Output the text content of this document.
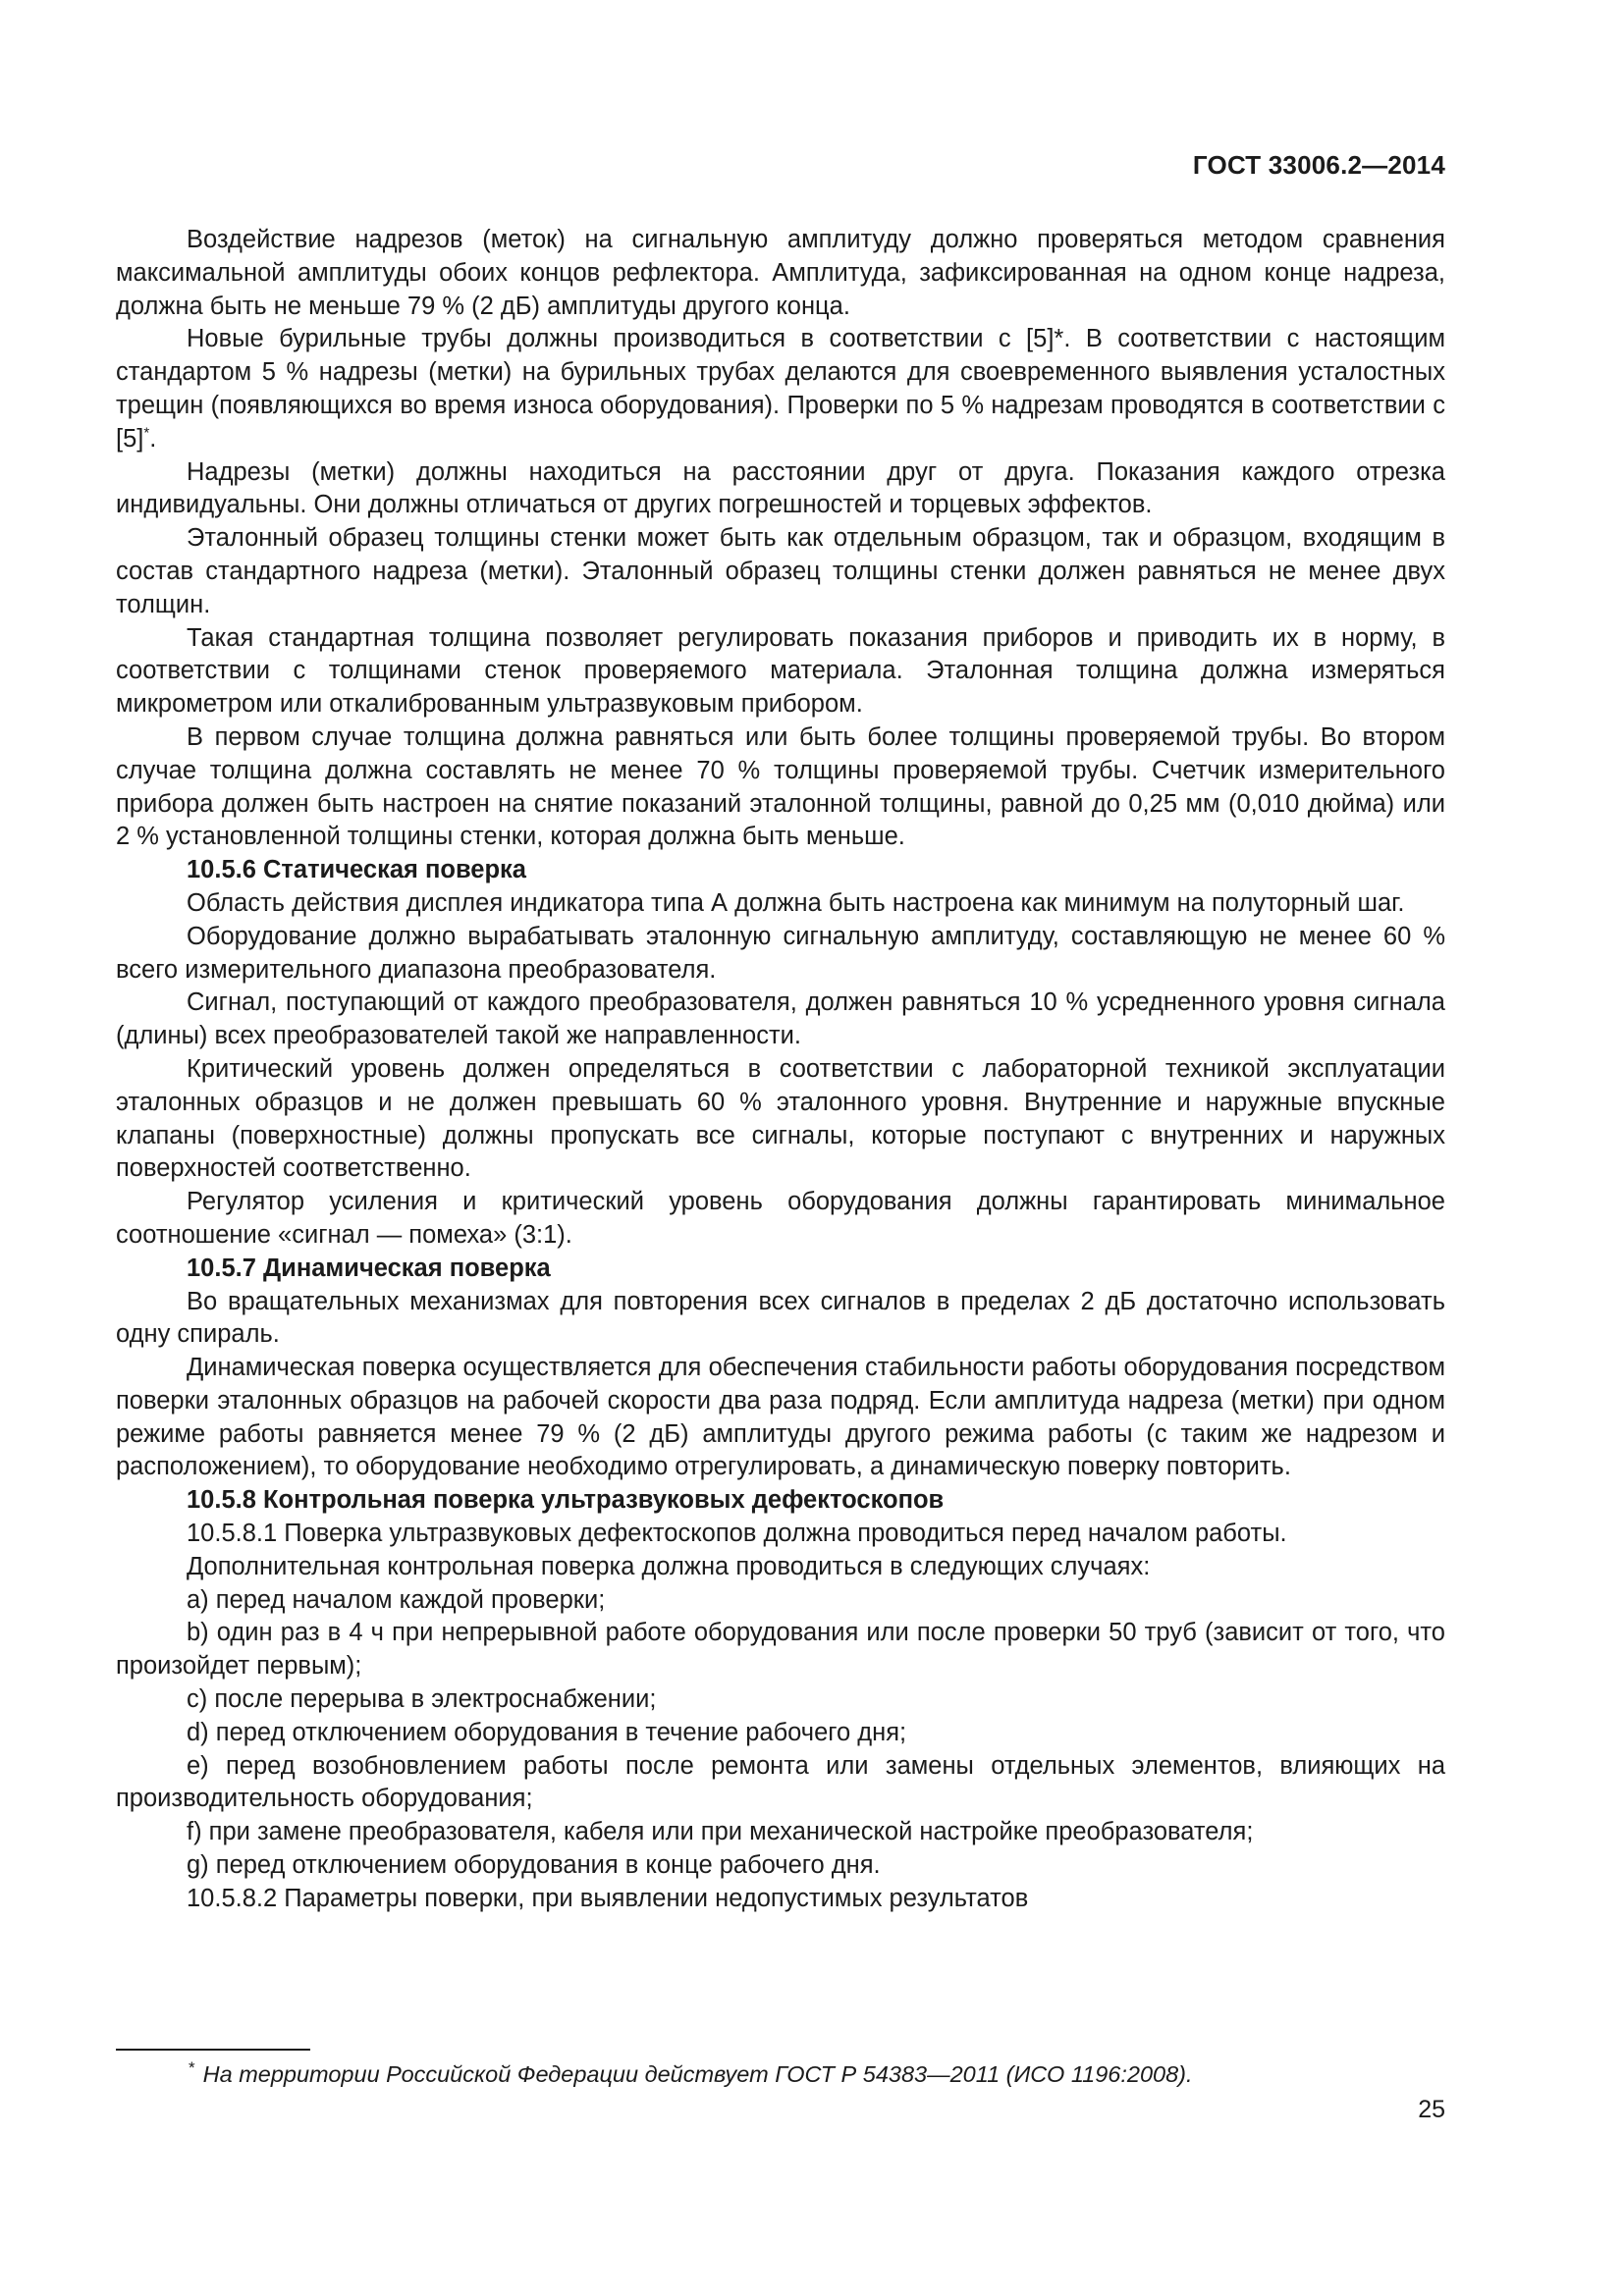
ГОСТ 33006.2—2014

Воздействие надрезов (меток) на сигнальную амплитуду должно проверяться методом сравнения максимальной амплитуды обоих концов рефлектора. Амплитуда, зафиксированная на одном конце надреза, должна быть не меньше 79 % (2 дБ) амплитуды другого конца.

Новые бурильные трубы должны производиться в соответствии с [5]*. В соответствии с настоящим стандартом 5 % надрезы (метки) на бурильных трубах делаются для своевременного выявления усталостных трещин (появляющихся во время износа оборудования). Проверки по 5 % надрезам проводятся в соответствии с [5]*.

Надрезы (метки) должны находиться на расстоянии друг от друга. Показания каждого отрезка индивидуальны. Они должны отличаться от других погрешностей и торцевых эффектов.

Эталонный образец толщины стенки может быть как отдельным образцом, так и образцом, входящим в состав стандартного надреза (метки). Эталонный образец толщины стенки должен равняться не менее двух толщин.

Такая стандартная толщина позволяет регулировать показания приборов и приводить их в норму, в соответствии с толщинами стенок проверяемого материала. Эталонная толщина должна измеряться микрометром или откалиброванным ультразвуковым прибором.

В первом случае толщина должна равняться или быть более толщины проверяемой трубы. Во втором случае толщина должна составлять не менее 70 % толщины проверяемой трубы. Счетчик измерительного прибора должен быть настроен на снятие показаний эталонной толщины, равной до 0,25 мм (0,010 дюйма) или 2 % установленной толщины стенки, которая должна быть меньше.

10.5.6 Статическая поверка

Область действия дисплея индикатора типа А должна быть настроена как минимум на полуторный шаг.

Оборудование должно вырабатывать эталонную сигнальную амплитуду, составляющую не менее 60 % всего измерительного диапазона преобразователя.

Сигнал, поступающий от каждого преобразователя, должен равняться 10 % усредненного уровня сигнала (длины) всех преобразователей такой же направленности.

Критический уровень должен определяться в соответствии с лабораторной техникой эксплуатации эталонных образцов и не должен превышать 60 % эталонного уровня. Внутренние и наружные впускные клапаны (поверхностные) должны пропускать все сигналы, которые поступают с внутренних и наружных поверхностей соответственно.

Регулятор усиления и критический уровень оборудования должны гарантировать минимальное соотношение «сигнал — помеха» (3:1).

10.5.7 Динамическая поверка

Во вращательных механизмах для повторения всех сигналов в пределах 2 дБ достаточно использовать одну спираль.

Динамическая поверка осуществляется для обеспечения стабильности работы оборудования посредством поверки эталонных образцов на рабочей скорости два раза подряд. Если амплитуда надреза (метки) при одном режиме работы равняется менее 79 % (2 дБ) амплитуды другого режима работы (с таким же надрезом и расположением), то оборудование необходимо отрегулировать, а динамическую поверку повторить.

10.5.8 Контрольная поверка ультразвуковых дефектоскопов

10.5.8.1 Поверка ультразвуковых дефектоскопов должна проводиться перед началом работы.

Дополнительная контрольная поверка должна проводиться в следующих случаях:

а) перед началом каждой проверки;

b) один раз в 4 ч при непрерывной работе оборудования или после проверки 50 труб (зависит от того, что произойдет первым);

c) после перерыва в электроснабжении;

d) перед отключением оборудования в течение рабочего дня;

e) перед возобновлением работы после ремонта или замены отдельных элементов, влияющих на производительность оборудования;

f) при замене преобразователя, кабеля или при механической настройке преобразователя;

g) перед отключением оборудования в конце рабочего дня.

10.5.8.2 Параметры поверки, при выявлении недопустимых результатов

* На территории Российской Федерации действует ГОСТ Р 54383—2011 (ИСО 1196:2008).
25
